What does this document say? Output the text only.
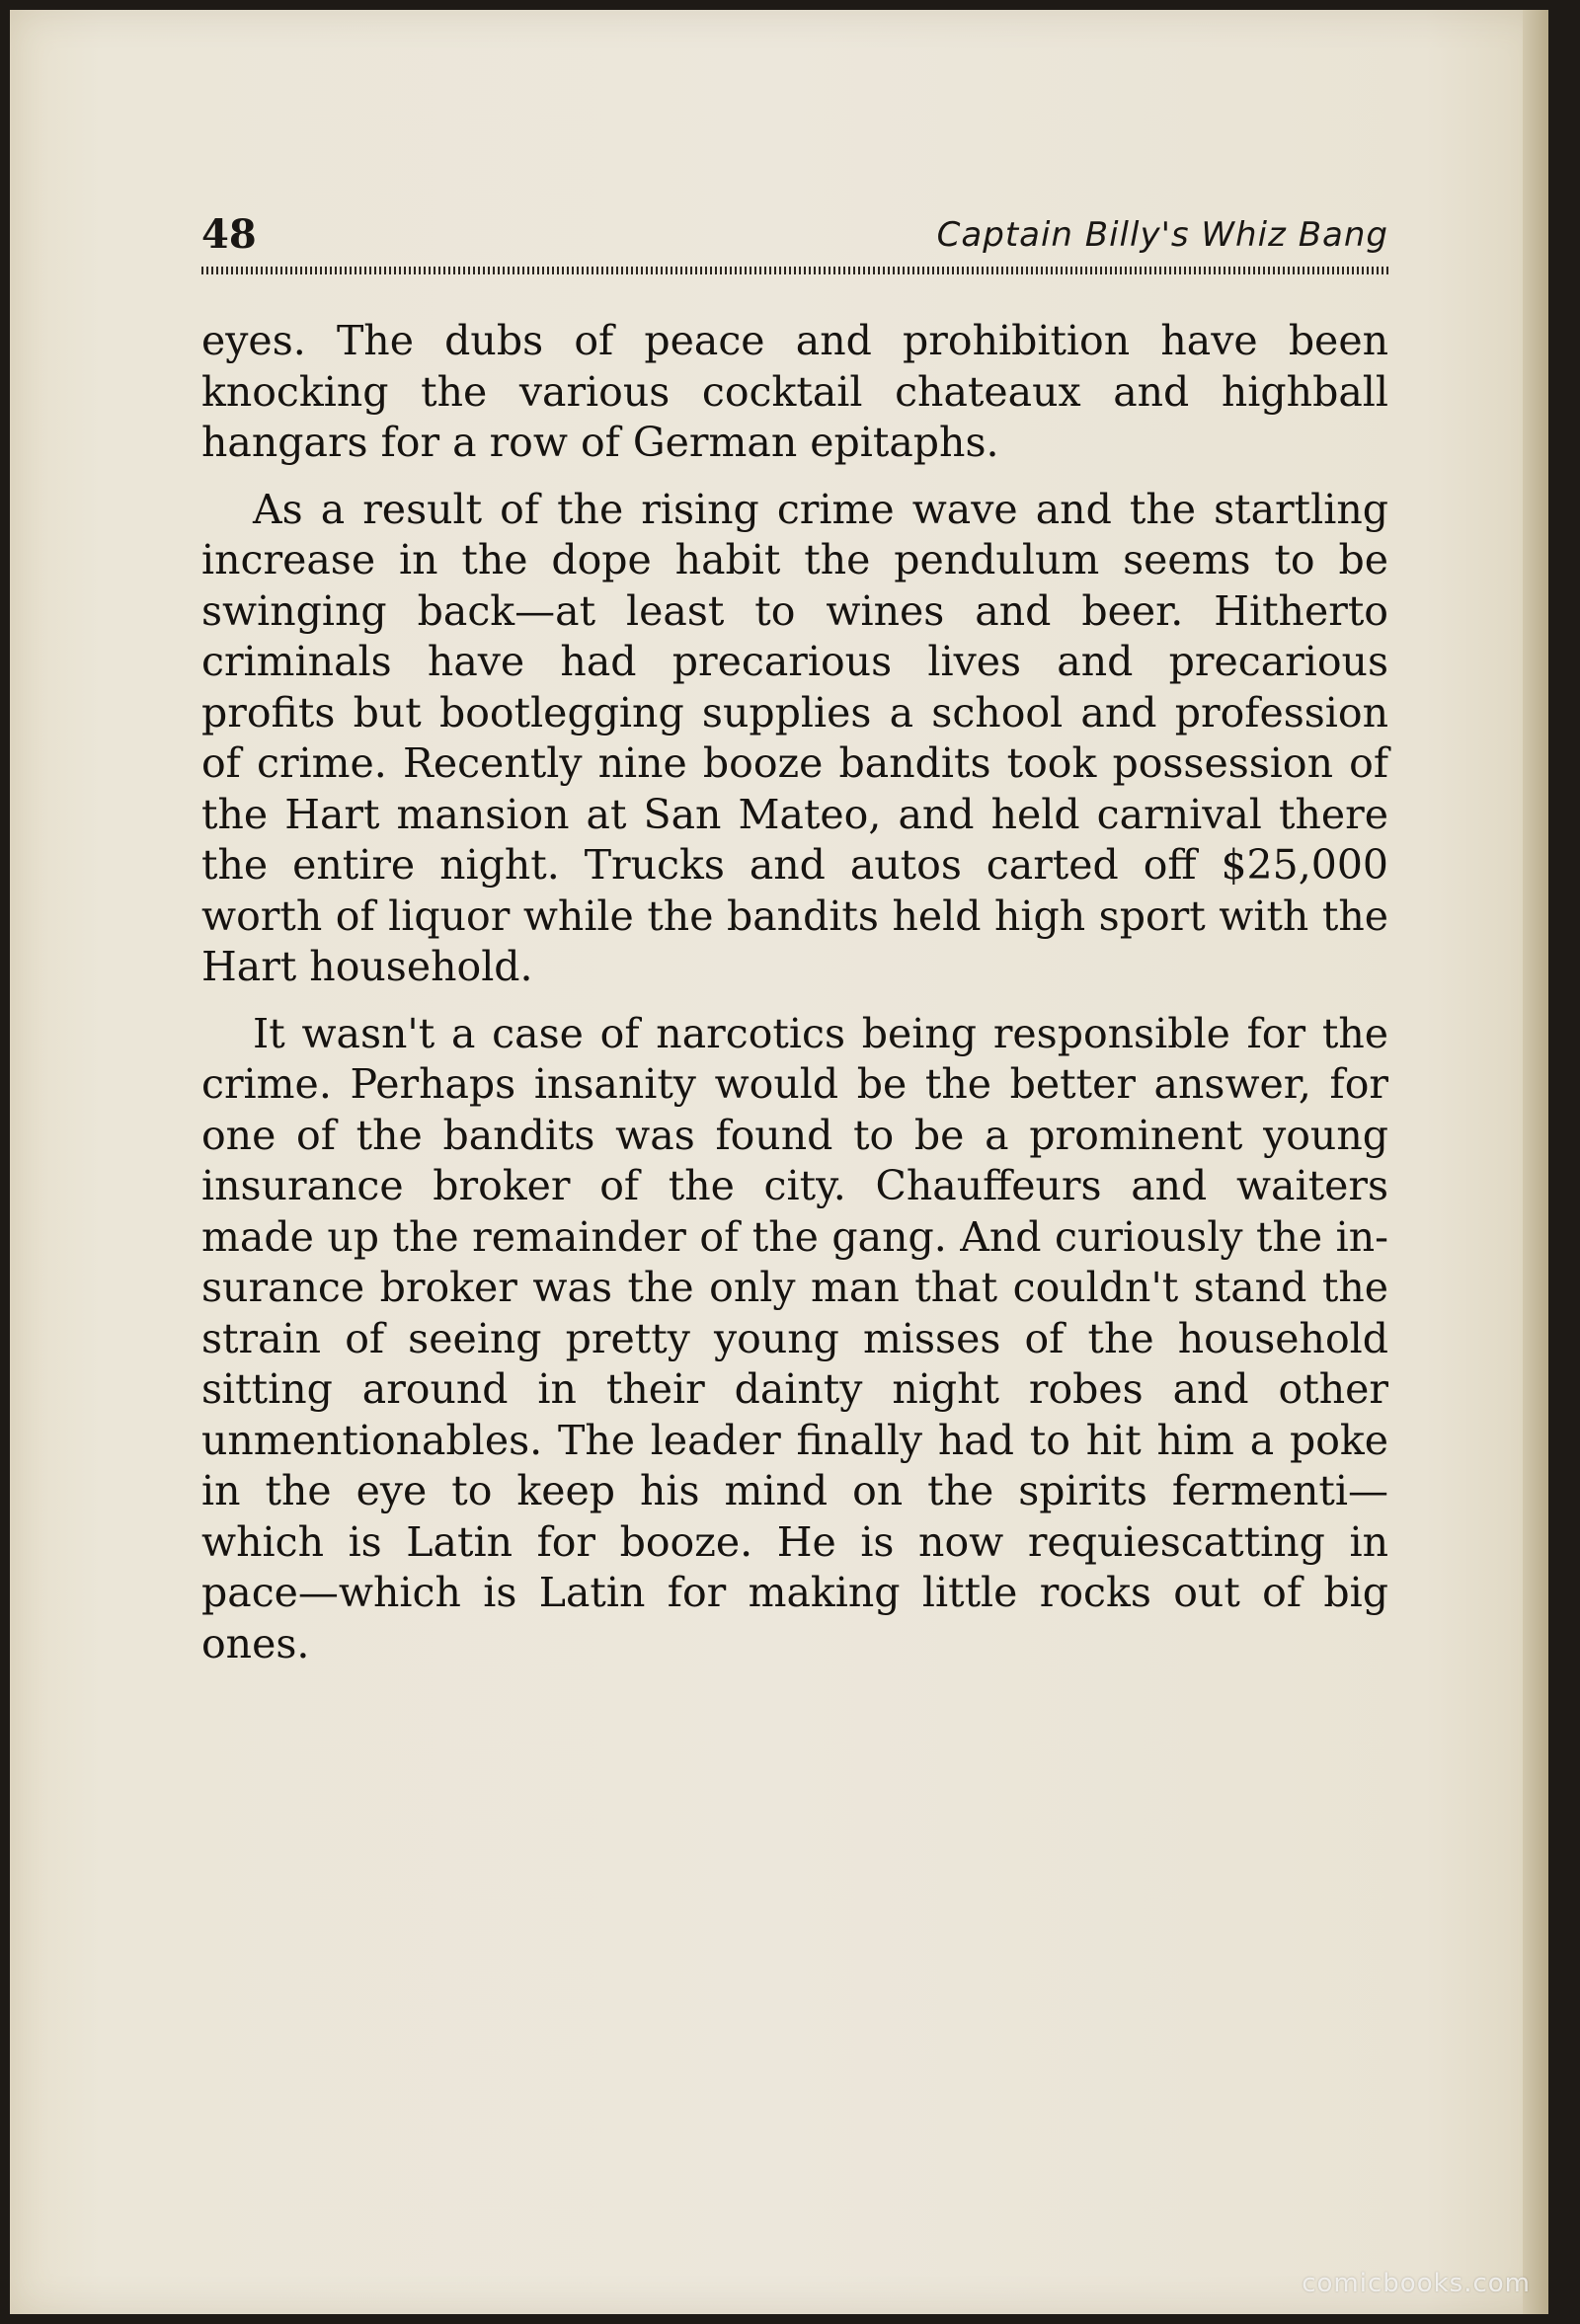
48	Captain Billy's Whiz Bang

eyes. The dubs of peace and prohibition have been knocking the various cocktail chateaux and highball hangars for a row of German epitaphs.

As a result of the rising crime wave and the startling increase in the dope habit the pendulum seems to be swinging back—at least to wines and beer. Hitherto criminals have had precarious lives and precarious profits but bootlegging supplies a school and profession of crime. Recently nine booze bandits took possession of the Hart mansion at San Mateo, and held carnival there the entire night. Trucks and autos carted off $25,000 worth of liquor while the bandits held high sport with the Hart household.

It wasn't a case of narcotics being responsible for the crime. Perhaps insanity would be the better answer, for one of the bandits was found to be a prominent young insurance broker of the city. Chauffeurs and waiters made up the remainder of the gang. And curiously the insurance broker was the only man that couldn't stand the strain of seeing pretty young misses of the household sitting around in their dainty night robes and other unmentionables. The leader finally had to hit him a poke in the eye to keep his mind on the spirits fermenti—which is Latin for booze. He is now requiescatting in pace—which is Latin for making little rocks out of big ones.

comicbooks.com
